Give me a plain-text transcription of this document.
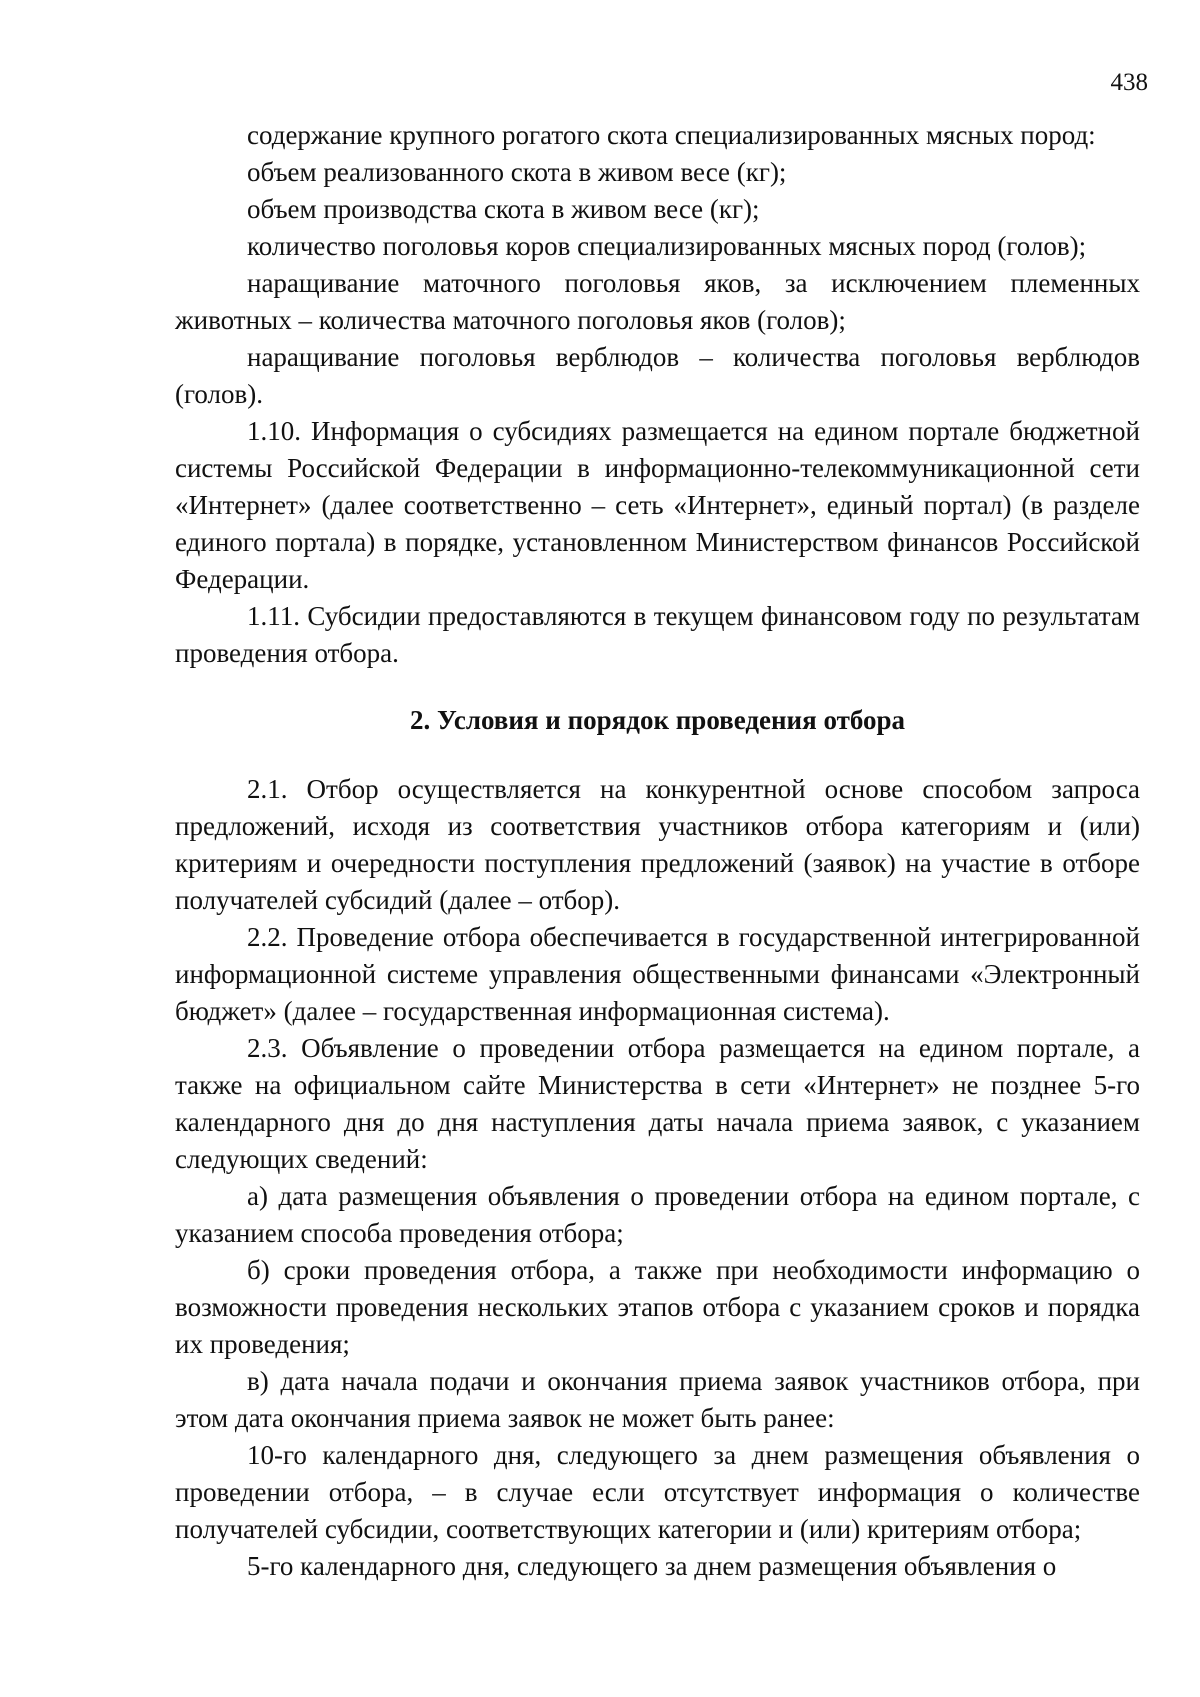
438

содержание крупного рогатого скота специализированных мясных пород:

объем реализованного скота в живом весе (кг);

объем производства скота в живом весе (кг);

количество поголовья коров специализированных мясных пород (голов);

наращивание маточного поголовья яков, за исключением племенных животных – количества маточного поголовья яков (голов);

наращивание поголовья верблюдов – количества поголовья верблюдов (голов).

1.10. Информация о субсидиях размещается на едином портале бюджетной системы Российской Федерации в информационно-телекоммуникационной сети «Интернет» (далее соответственно – сеть «Интернет», единый портал) (в разделе единого портала) в порядке, установленном Министерством финансов Российской Федерации.

1.11. Субсидии предоставляются в текущем финансовом году по результатам проведения отбора.

2. Условия и порядок проведения отбора

2.1. Отбор осуществляется на конкурентной основе способом запроса предложений, исходя из соответствия участников отбора категориям и (или) критериям и очередности поступления предложений (заявок) на участие в отборе получателей субсидий (далее – отбор).

2.2. Проведение отбора обеспечивается в государственной интегрированной информационной системе управления общественными финансами «Электронный бюджет» (далее – государственная информационная система).

2.3. Объявление о проведении отбора размещается на едином портале, а также на официальном сайте Министерства в сети «Интернет» не позднее 5-го календарного дня до дня наступления даты начала приема заявок, с указанием следующих сведений:

а) дата размещения объявления о проведении отбора на едином портале, с указанием способа проведения отбора;

б) сроки проведения отбора, а также при необходимости информацию о возможности проведения нескольких этапов отбора с указанием сроков и порядка их проведения;

в) дата начала подачи и окончания приема заявок участников отбора, при этом дата окончания приема заявок не может быть ранее:

10-го календарного дня, следующего за днем размещения объявления о проведении отбора, – в случае если отсутствует информация о количестве получателей субсидии, соответствующих категории и (или) критериям отбора;

5-го календарного дня, следующего за днем размещения объявления о
